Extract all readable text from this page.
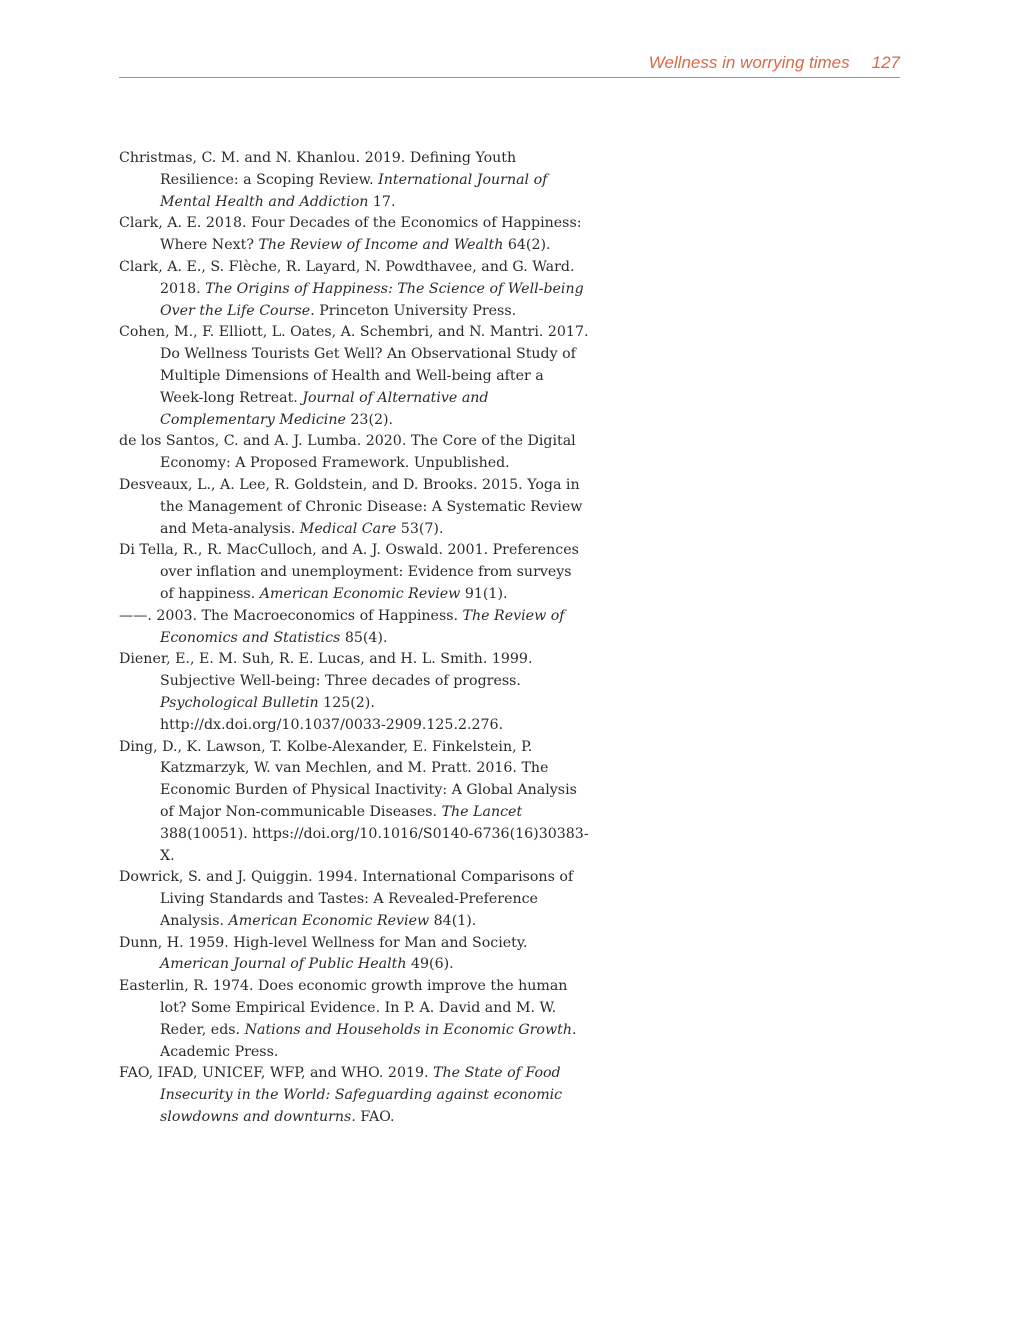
Wellness in worrying times 127
Christmas, C. M. and N. Khanlou. 2019. Defining Youth Resilience: a Scoping Review. International Journal of Mental Health and Addiction 17.
Clark, A. E. 2018. Four Decades of the Economics of Happiness: Where Next? The Review of Income and Wealth 64(2).
Clark, A. E., S. Flèche, R. Layard, N. Powdthavee, and G. Ward. 2018. The Origins of Happiness: The Science of Well-being Over the Life Course. Princeton University Press.
Cohen, M., F. Elliott, L. Oates, A. Schembri, and N. Mantri. 2017. Do Wellness Tourists Get Well? An Observational Study of Multiple Dimensions of Health and Well-being after a Week-long Retreat. Journal of Alternative and Complementary Medicine 23(2).
de los Santos, C. and A. J. Lumba. 2020. The Core of the Digital Economy: A Proposed Framework. Unpublished.
Desveaux, L., A. Lee, R. Goldstein, and D. Brooks. 2015. Yoga in the Management of Chronic Disease: A Systematic Review and Meta-analysis. Medical Care 53(7).
Di Tella, R., R. MacCulloch, and A. J. Oswald. 2001. Preferences over inflation and unemployment: Evidence from surveys of happiness. American Economic Review 91(1).
——. 2003. The Macroeconomics of Happiness. The Review of Economics and Statistics 85(4).
Diener, E., E. M. Suh, R. E. Lucas, and H. L. Smith. 1999. Subjective Well-being: Three decades of progress. Psychological Bulletin 125(2). http://dx.doi.org/10.1037/0033-2909.125.2.276.
Ding, D., K. Lawson, T. Kolbe-Alexander, E. Finkelstein, P. Katzmarzyk, W. van Mechlen, and M. Pratt. 2016. The Economic Burden of Physical Inactivity: A Global Analysis of Major Non-communicable Diseases. The Lancet 388(10051). https://doi.org/10.1016/S0140-6736(16)30383-X.
Dowrick, S. and J. Quiggin. 1994. International Comparisons of Living Standards and Tastes: A Revealed-Preference Analysis. American Economic Review 84(1).
Dunn, H. 1959. High-level Wellness for Man and Society. American Journal of Public Health 49(6).
Easterlin, R. 1974. Does economic growth improve the human lot? Some Empirical Evidence. In P. A. David and M. W. Reder, eds. Nations and Households in Economic Growth. Academic Press.
FAO, IFAD, UNICEF, WFP, and WHO. 2019. The State of Food Insecurity in the World: Safeguarding against economic slowdowns and downturns. FAO.
